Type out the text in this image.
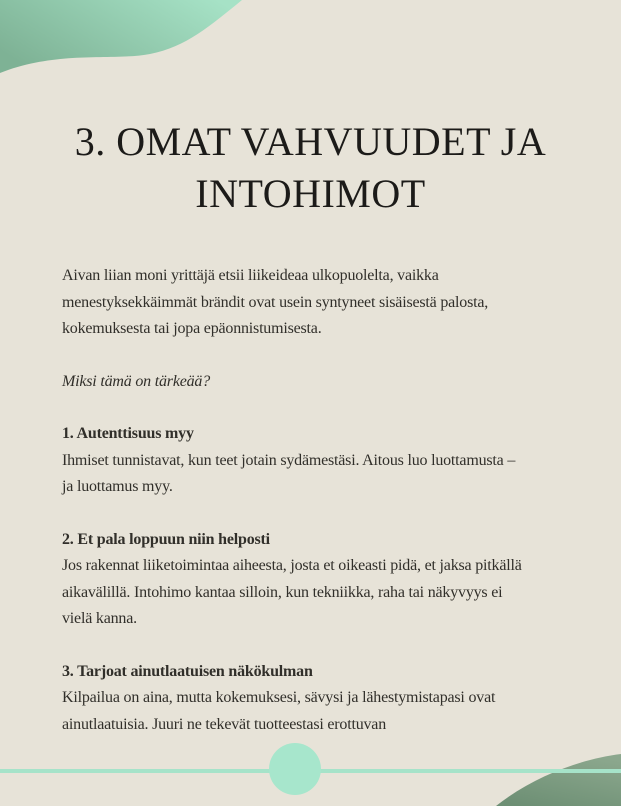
3. OMAT VAHVUUDET JA INTOHIMOT
Aivan liian moni yrittäjä etsii liikeideaa ulkopuolelta, vaikka
menestyksekkäimmät brändit ovat usein syntyneet sisäisestä palosta,
kokemuksesta tai jopa epäonnistumisesta.
Miksi tämä on tärkeää?
1. Autenttisuus myy
Ihmiset tunnistavat, kun teet jotain sydämestäsi. Aitous luo luottamusta –
ja luottamus myy.
2. Et pala loppuun niin helposti
Jos rakennat liiketoimintaa aiheesta, josta et oikeasti pidä, et jaksa pitkällä
aikavälillä. Intohimo kantaa silloin, kun tekniikka, raha tai näkyvyys ei
vielä kanna.
3. Tarjoat ainutlaatuisen näkökulman
Kilpailua on aina, mutta kokemuksesi, sävysi ja lähestymistapasi ovat
ainutlaatuisia. Juuri ne tekevät tuotteestasi erottuvan
